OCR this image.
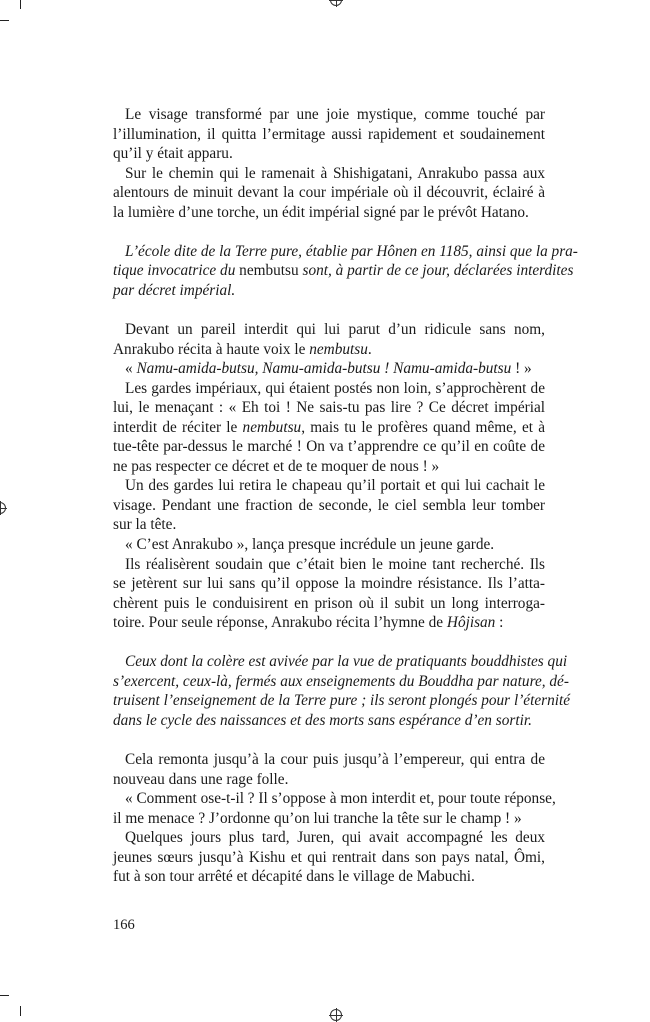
Le visage transformé par une joie mystique, comme touché par
l’illumination, il quitta l’ermitage aussi rapidement et soudainement
qu’il y était apparu.
Sur le chemin qui le ramenait à Shishigatani, Anrakubo passa aux
alentours de minuit devant la cour impériale où il découvrit, éclairé à
la lumière d’une torche, un édit impérial signé par le prévôt Hatano.
L’école dite de la Terre pure, établie par Hônen en 1185, ainsi que la pra-
tique invocatrice du nembutsu sont, à partir de ce jour, déclarées interdites
par décret impérial.
Devant un pareil interdit qui lui parut d’un ridicule sans nom,
Anrakubo récita à haute voix le nembutsu.
« Namu-amida-butsu, Namu-amida-butsu ! Namu-amida-butsu ! »
Les gardes impériaux, qui étaient postés non loin, s’approchèrent de
lui, le menaçant : « Eh toi ! Ne sais-tu pas lire ? Ce décret impérial
interdit de réciter le nembutsu, mais tu le profères quand même, et à
tue-tête par-dessus le marché ! On va t’apprendre ce qu’il en coûte de
ne pas respecter ce décret et de te moquer de nous ! »
Un des gardes lui retira le chapeau qu’il portait et qui lui cachait le
visage. Pendant une fraction de seconde, le ciel sembla leur tomber
sur la tête.
« C’est Anrakubo », lança presque incrédule un jeune garde.
Ils réalisèrent soudain que c’était bien le moine tant recherché. Ils
se jetèrent sur lui sans qu’il oppose la moindre résistance. Ils l’atta-
chèrent puis le conduisirent en prison où il subit un long interroga-
toire. Pour seule réponse, Anrakubo récita l’hymne de Hôjisan :
Ceux dont la colère est avivée par la vue de pratiquants bouddhistes qui
s’exercent, ceux-là, fermés aux enseignements du Bouddha par nature, dé-
truisent l’enseignement de la Terre pure ; ils seront plongés pour l’éternité
dans le cycle des naissances et des morts sans espérance d’en sortir.
Cela remonta jusqu’à la cour puis jusqu’à l’empereur, qui entra de
nouveau dans une rage folle.
« Comment ose-t-il ? Il s’oppose à mon interdit et, pour toute réponse,
il me menace ? J’ordonne qu’on lui tranche la tête sur le champ ! »
Quelques jours plus tard, Juren, qui avait accompagné les deux
jeunes sœurs jusqu’à Kishu et qui rentrait dans son pays natal, Ômi,
fut à son tour arrêté et décapité dans le village de Mabuchi.
166
